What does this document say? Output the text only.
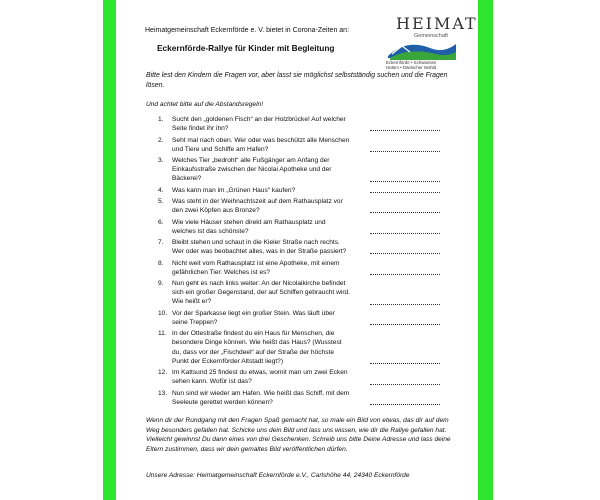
Heimatgemeinschaft Eckernförde e. V. bietet in Corona-Zeiten an:
Eckernförde-Rallye für Kinder mit Begleitung
HEIMAT
Gemeinschaft
Eckernförde • Schwansen
Hütten • Dänischer Wohld
Bitte lest den Kindern die Fragen vor, aber lasst sie möglichst selbstständig suchen und die Fragen lösen.
Und achtet bitte auf die Abstandsregeln!
1. Sucht den „goldenen Fisch“ an der Holzbrücke! Auf welcher Seite findet ihr ihn?
2. Seht mal nach oben. Wer oder was beschützt alle Menschen und Tiere und Schiffe am Hafen?
3. Welches Tier „bedroht“ alle Fußgänger am Anfang der Einkaufsstraße zwischen der Nicolai Apotheke und der Bäckerei?
4. Was kann man im „Grünen Haus“ kaufen?
5. Was steht in der Weihnachtszeit auf dem Rathausplatz vor den zwei Köpfen aus Bronze?
6. Wie viele Häuser stehen direkt am Rathausplatz und welches ist das schönste?
7. Bleibt stehen und schaut in die Kieler Straße nach rechts. Wer oder was beobachtet alles, was in der Straße passiert?
8. Nicht weit vom Rathausplatz ist eine Apotheke, mit einem gefährlichen Tier. Welches ist es?
9. Nun geht es nach links weiter: An der Nicolaikirche befindet sich ein großer Gegenstand, der auf Schiffen gebraucht wird. Wie heißt er?
10. Vor der Sparkasse liegt ein großer Stein. Was läuft über seine Treppen?
11. In der Ottestraße findest du ein Haus für Menschen, die besondere Dinge können. Wie heißt das Haus? (Wusstest du, dass vor der „Fischdeel“ auf der Straße der höchste Punkt der Eckernförder Altstadt liegt?)
12. Im Kattsund 25 findest du etwas, womit man um zwei Ecken sehen kann. Wofür ist das?
13. Nun sind wir wieder am Hafen. Wie heißt das Schiff, mit dem Seeleute gerettet werden können?
Wenn dir der Rundgang mit den Fragen Spaß gemacht hat, so male ein Bild von etwas, das dir auf dem Weg besonders gefallen hat. Schicke uns dein Bild und lass uns wissen, wie dir die Rallye gefallen hat. Vielleicht gewinnst Du dann eines von drei Geschenken. Schreib uns bitte Deine Adresse und lass deine Eltern zustimmen, dass wir dein gemaltes Bild veröffentlichen dürfen.
Unsere Adresse: Heimatgemeinschaft Eckernförde e.V., Carlshöhe 44, 24340 Eckernförde
